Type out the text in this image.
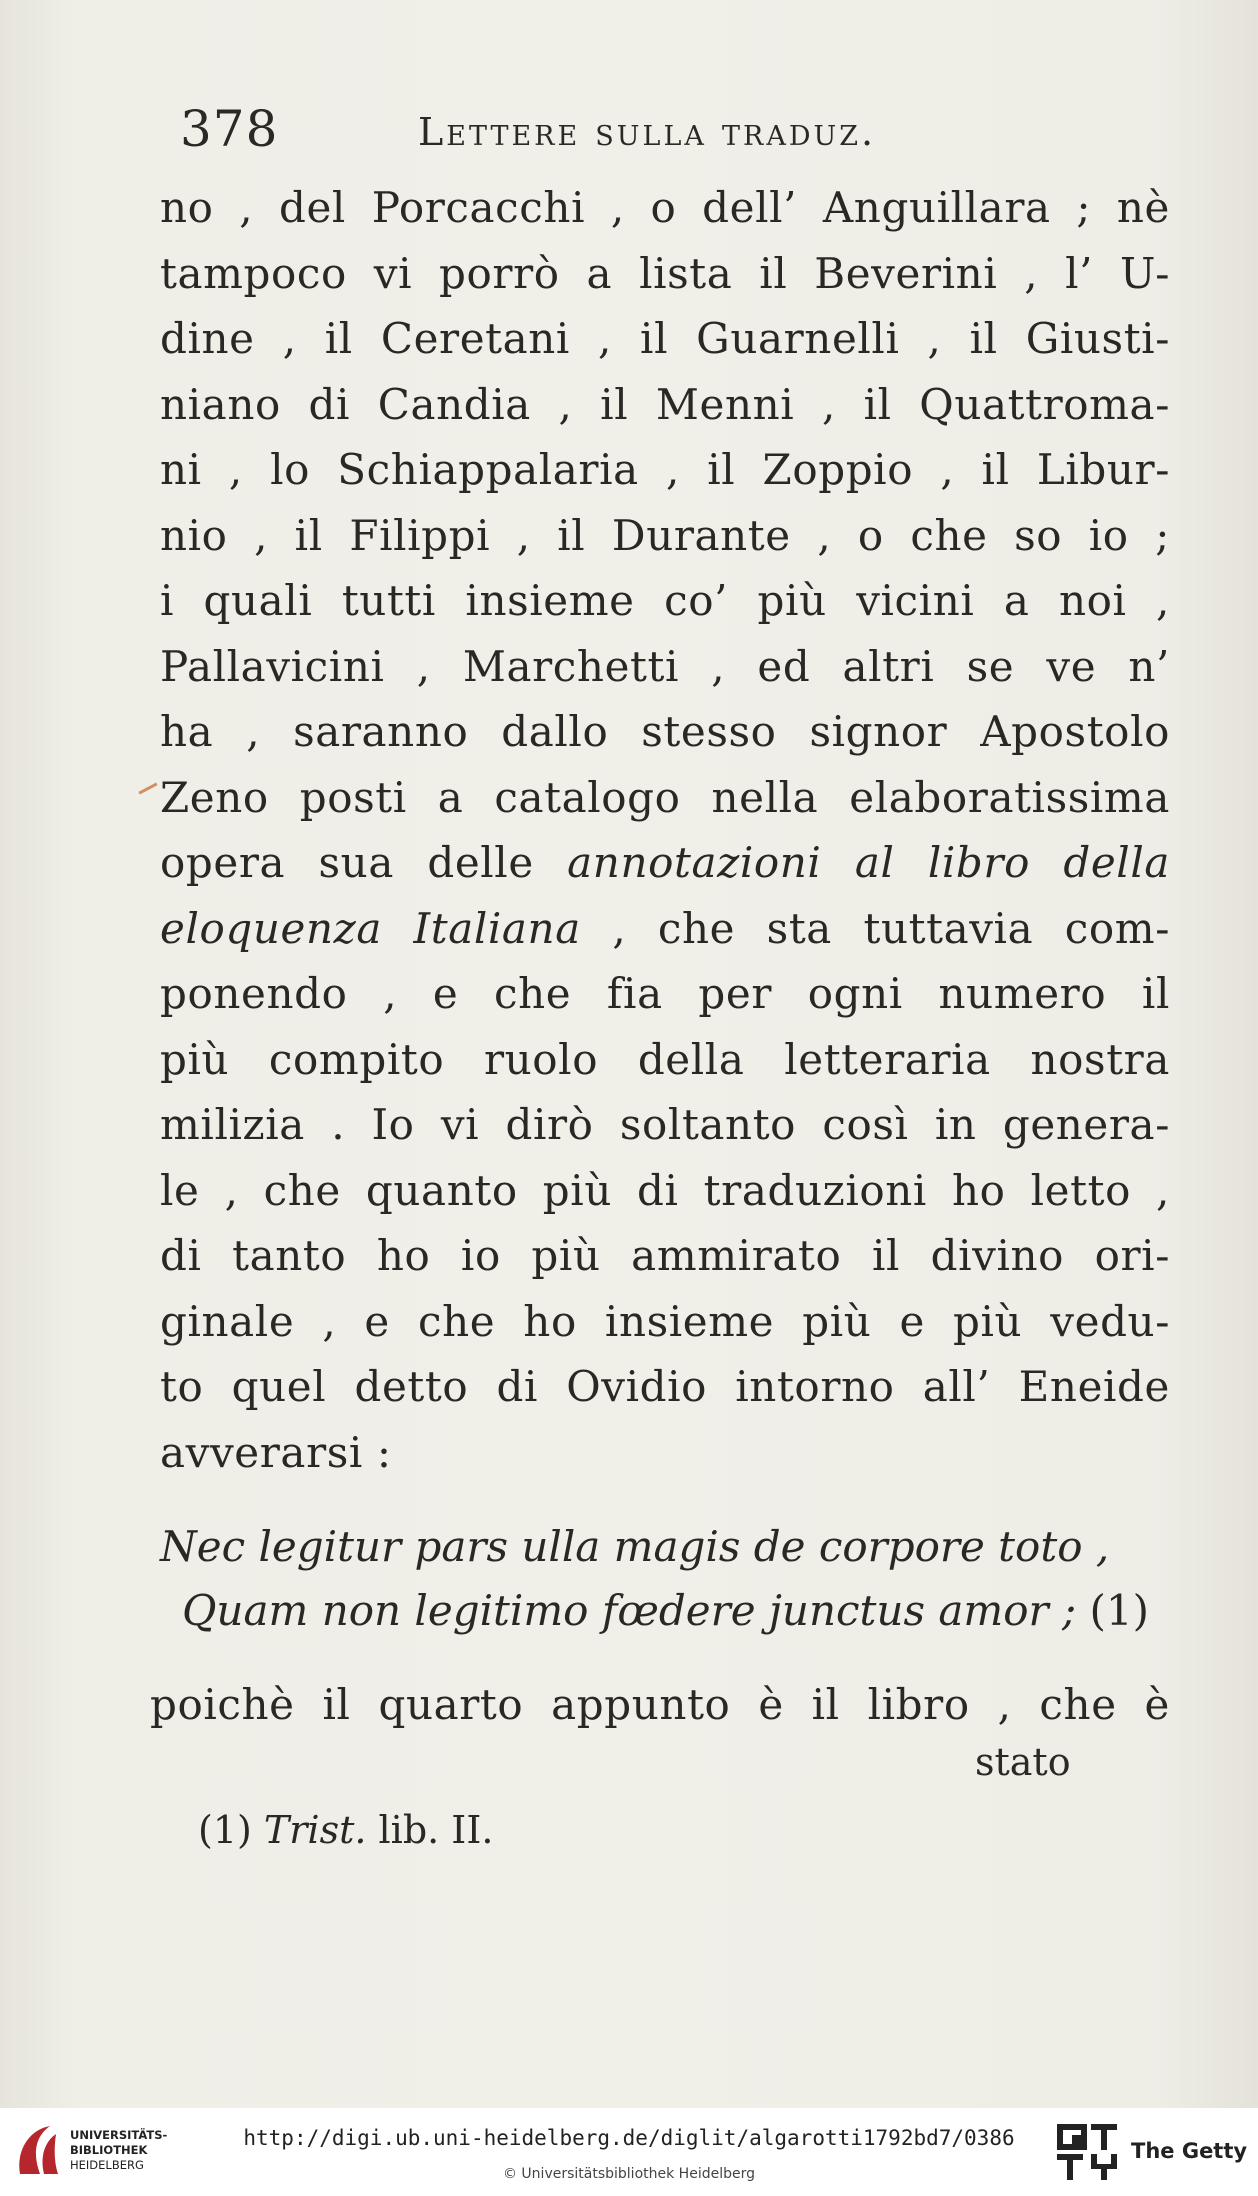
378	Lettere sulla traduz.
no , del Porcacchi , o dell’ Anguillara ; nè
tampoco vi porrò a lista il Beverini , l’ U-
dine , il Ceretani , il Guarnelli , il Giusti-
niano di Candia , il Menni , il Quattroma-
ni , lo Schiappalaria , il Zoppio , il Libur-
nio , il Filippi , il Durante , o che so io ;
i quali tutti insieme co’ più vicini a noi ,
Pallavicini , Marchetti , ed altri se ve n’
ha , saranno dallo stesso signor Apostolo
Zeno posti a catalogo nella elaboratissima
opera sua delle annotazioni al libro della
eloquenza Italiana , che sta tuttavia com-
ponendo , e che fia per ogni numero il
più compito ruolo della letteraria nostra
milizia . Io vi dirò soltanto così in genera-
le , che quanto più di traduzioni ho letto ,
di tanto ho io più ammirato il divino ori-
ginale , e che ho insieme più e più vedu-
to quel detto di Ovidio intorno all’ Eneide
avverarsi :
Nec legitur pars ulla magis de corpore toto ,
Quam non legitimo fœdere junctus amor ; (1)
poichè il quarto appunto è il libro , che è
stato
(1) Trist. lib. II.
UNIVERSITÄTS-
BIBLIOTHEK
HEIDELBERG
http://digi.ub.uni-heidelberg.de/diglit/algarotti1792bd7/0386
© Universitätsbibliothek Heidelberg
The Getty
